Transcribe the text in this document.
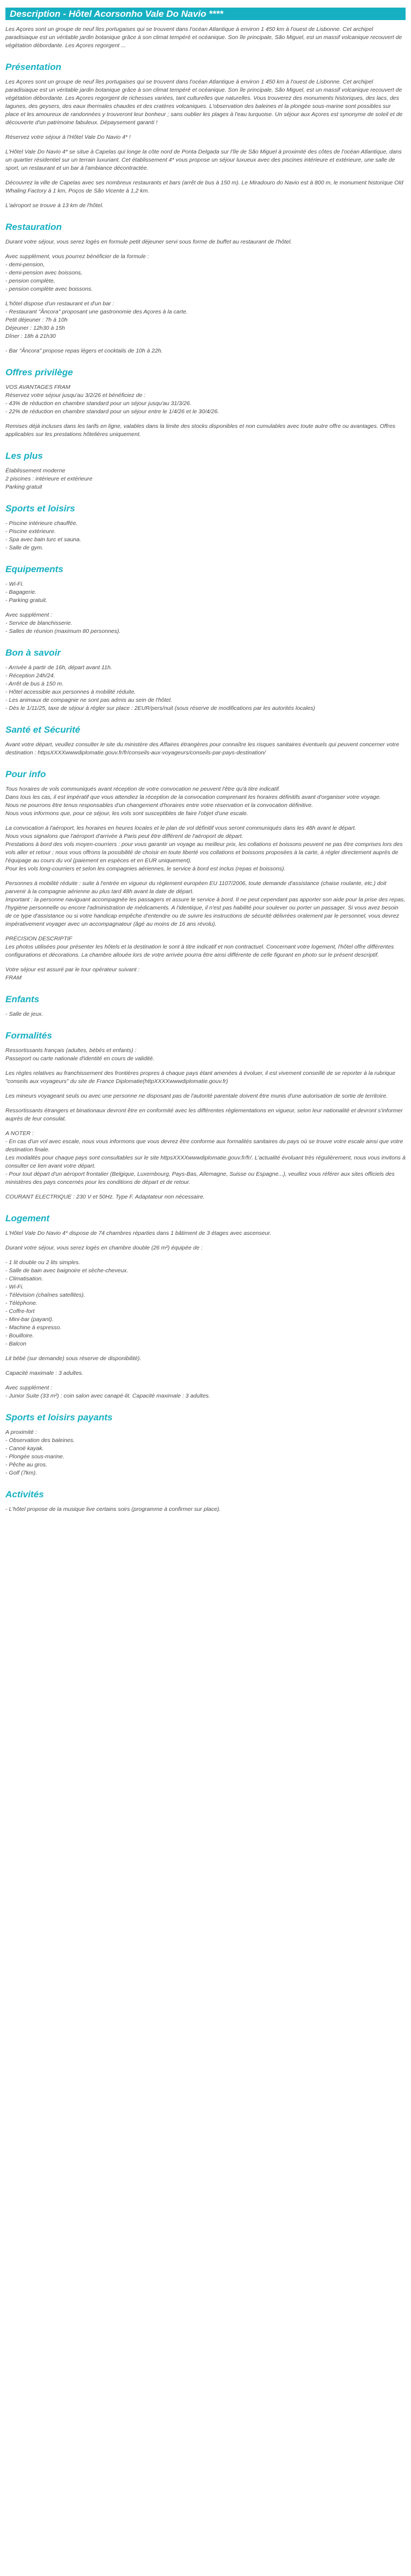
Description - Hôtel Acorsonho Vale Do Navio ****

Les Açores sont un groupe de neuf îles portugaises qui se trouvent dans l'océan Atlantique à environ 1 450 km à l'ouest de Lisbonne. Cet archipel paradisiaque est un véritable jardin botanique grâce à son climat tempéré et océanique. Son île principale, São Miguel, est un massif volcanique recouvert de végétation débordante. Les Açores regorgent ...

Présentation

Les Açores sont un groupe de neuf îles portugaises qui se trouvent dans l'océan Atlantique à environ 1 450 km à l'ouest de Lisbonne. Cet archipel paradisiaque est un véritable jardin botanique grâce à son climat tempéré et océanique. Son île principale, São Miguel, est un massif volcanique recouvert de végétation débordante. Les Açores regorgent de richesses variées, tant culturelles que naturelles. Vous trouverez des monuments historiques, des lacs, des lagunes, des geysers, des eaux thermales chaudes et des cratères volcaniques. L'observation des baleines et la plongée sous-marine sont possibles sur place et les amoureux de randonnées y trouveront leur bonheur ; sans oublier les plages à l'eau turquoise. Un séjour aux Açores est synonyme de soleil et de découverte d'un patrimoine fabuleux. Dépaysement garanti !

Réservez votre séjour à l'Hôtel Vale Do Navio 4* !

L'Hôtel Vale Do Navio 4* se situe à Capelas qui longe la côte nord de Ponta Delgada sur l'île de São Miguel à proximité des côtes de l'océan Atlantique, dans un quartier résidentiel sur un terrain luxuriant. Cet établissement 4* vous propose un séjour luxueux avec des piscines intérieure et extérieure, une salle de sport, un restaurant et un bar à l'ambiance décontractée.

Découvrez la ville de Capelas avec ses nombreux restaurants et bars (arrêt de bus à 150 m). Le Miradouro do Navio est à 800 m, le monument historique Old Whaling Factory à 1 km, Poços de São Vicente à 1,2 km.

L'aéroport se trouve à 13 km de l'hôtel.

Restauration

Durant votre séjour, vous serez logés en formule petit déjeuner servi sous forme de buffet au restaurant de l'hôtel.

Avec supplément, vous pourrez bénéficier de la formule :
- demi-pension,
- demi-pension avec boissons,
- pension complète,
- pension complète avec boissons.

L'hôtel dispose d'un restaurant et d'un bar :
- Restaurant "Âncora" proposant une gastronomie des Açores à la carte.
Petit déjeuner : 7h à 10h
Déjeuner : 12h30 à 15h
Dîner : 18h à 21h30

- Bar "Âncora" propose repas légers et cocktails de 10h à 22h.

Offres privilège

VOS AVANTAGES FRAM
Réservez votre séjour jusqu'au 3/2/26 et bénéficiez de :
- 43% de réduction en chambre standard pour un séjour jusqu'au 31/3/26.
- 22% de réduction en chambre standard pour un séjour entre le 1/4/26 et le 30/4/26.

Remises déjà incluses dans les tarifs en ligne, valables dans la limite des stocks disponibles et non cumulables avec toute autre offre ou avantages. Offres applicables sur les prestations hôtelières uniquement.

Les plus

Établissement moderne
2 piscines : intérieure et extérieure
Parking gratuit

Sports et loisirs

- Piscine intérieure chauffée.
- Piscine extérieure.
- Spa avec bain turc et sauna.
- Salle de gym.

Equipements

- Wi-Fi.
- Bagagerie.
- Parking gratuit.

Avec supplément :
- Service de blanchisserie.
- Salles de réunion (maximum 80 personnes).

Bon à savoir

- Arrivée à partir de 16h, départ avant 11h.
- Réception 24h/24.
- Arrêt de bus à 150 m.
- Hôtel accessible aux personnes à mobilité réduite.
- Les animaux de compagnie ne sont pas admis au sein de l'hôtel.
- Dès le 1/11/25, taxe de séjour à régler sur place : 2EUR/pers/nuit (sous réserve de modifications par les autorités locales)

Santé et Sécurité

Avant votre départ, veuillez consulter le site du ministère des Affaires étrangères pour connaître les risques sanitaires éventuels qui peuvent concerner votre destination : httpsXXXXwwwdiplomatie.gouv.fr/fr/conseils-aux-voyageurs/conseils-par-pays-destination/

Pour info

Tous horaires de vols communiqués avant réception de votre convocation ne peuvent l'être qu'à titre indicatif.
Dans tous les cas, il est impératif que vous attendiez la réception de la convocation comprenant les horaires définitifs avant d'organiser votre voyage.
Nous ne pourrons être tenus responsables d'un changement d'horaires entre votre réservation et la convocation définitive.
Nous vous informons que, pour ce séjour, les vols sont susceptibles de faire l'objet d'une escale.

La convocation à l'aéroport, les horaires en heures locales et le plan de vol définitif vous seront communiqués dans les 48h avant le départ.
Nous vous signalons que l'aéroport d'arrivée à Paris peut être différent de l'aéroport de départ.
Prestations à bord des vols moyen-courriers : pour vous garantir un voyage au meilleur prix, les collations et boissons peuvent ne pas être comprises lors des vols aller et retour ; nous vous offrons la possibilité de choisir en toute liberté vos collations et boissons proposées à la carte, à régler directement auprès de l'équipage au cours du vol (paiement en espèces et en EUR uniquement).
Pour les vols long-courriers et selon les compagnies aériennes, le service à bord est inclus (repas et boissons).

Personnes à mobilité réduite : suite à l'entrée en vigueur du règlement européen EU 1107/2006, toute demande d'assistance (chaise roulante, etc.) doit parvenir à la compagnie aérienne au plus tard 48h avant la date de départ.
Important : la personne naviguant accompagnée les passagers et assure le service à bord. Il ne peut cependant pas apporter son aide pour la prise des repas, l'hygiène personnelle ou encore l'administration de médicaments. A l'identique, il n'est pas habilité pour soulever ou porter un passager. Si vous avez besoin de ce type d'assistance ou si votre handicap empêche d'entendre ou de suivre les instructions de sécurité délivrées oralement par le personnel, vous devrez impérativement voyager avec un accompagnateur (âgé au moins de 16 ans révolu).

PRÉCISION DESCRIPTIF
Les photos utilisées pour présenter les hôtels et la destination le sont à titre indicatif et non contractuel. Concernant votre logement, l'hôtel offre différentes configurations et décorations. La chambre allouée lors de votre arrivée pourra être ainsi différente de celle figurant en photo sur le présent descriptif.

Votre séjour est assuré par le tour opérateur suivant :
FRAM

Enfants

- Salle de jeux.

Formalités

Ressortissants français (adultes, bébés et enfants) :
Passeport ou carte nationale d'identité en cours de validité.

Les règles relatives au franchissement des frontières propres à chaque pays étant amenées à évoluer, il est vivement conseillé de se reporter à la rubrique "conseils aux voyageurs" du site de France Diplomatie(httpXXXXwwwdiplomatie.gouv.fr)

Les mineurs voyageant seuls ou avec une personne ne disposant pas de l'autorité parentale doivent être munis d'une autorisation de sortie de territoire.

Ressortissants étrangers et binationaux devront être en conformité avec les différentes réglementations en vigueur, selon leur nationalité et devront s'informer auprès de leur consulat.

A NOTER :
- En cas d'un vol avec escale, nous vous informons que vous devrez être conforme aux formalités sanitaires du pays où se trouve votre escale ainsi que votre destination finale.
Les modalités pour chaque pays sont consultables sur le site httpsXXXXwwwdiplomatie.gouv.fr/fr/. L'actualité évoluant très régulièrement, nous vous invitons à consulter ce lien avant votre départ.
- Pour tout départ d'un aéroport frontalier (Belgique, Luxembourg, Pays-Bas, Allemagne, Suisse ou Espagne...), veuillez vous référer aux sites officiels des ministères des pays concernés pour les conditions de départ et de retour.

COURANT ELECTRIQUE : 230 V et 50Hz. Type F. Adaptateur non nécessaire.

Logement

L'Hôtel Vale Do Navio 4* dispose de 74 chambres réparties dans 1 bâtiment de 3 étages avec ascenseur.

Durant votre séjour, vous serez logés en chambre double (26 m²) équipée de :

- 1 lit double ou 2 lits simples.
- Salle de bain avec baignoire et sèche-cheveux.
- Climatisation.
- Wi-Fi.
- Télévision (chaînes satellites).
- Téléphone.
- Coffre-fort
- Mini-bar (payant).
- Machine à espresso.
- Bouilloire.
- Balcon

Lit bébé (sur demande) sous réserve de disponibilité).

Capacité maximale : 3 adultes.

Avec supplément :
- Junior Suite (33 m²) : coin salon avec canapé-lit. Capacité maximale : 3 adultes.

Sports et loisirs payants

A proximité :
- Observation des baleines.
- Canoë kayak.
- Plongée sous-marine.
- Pêche au gros.
- Golf (7km).

Activités

- L'hôtel propose de la musique live certains soirs (programme à confirmer sur place).
